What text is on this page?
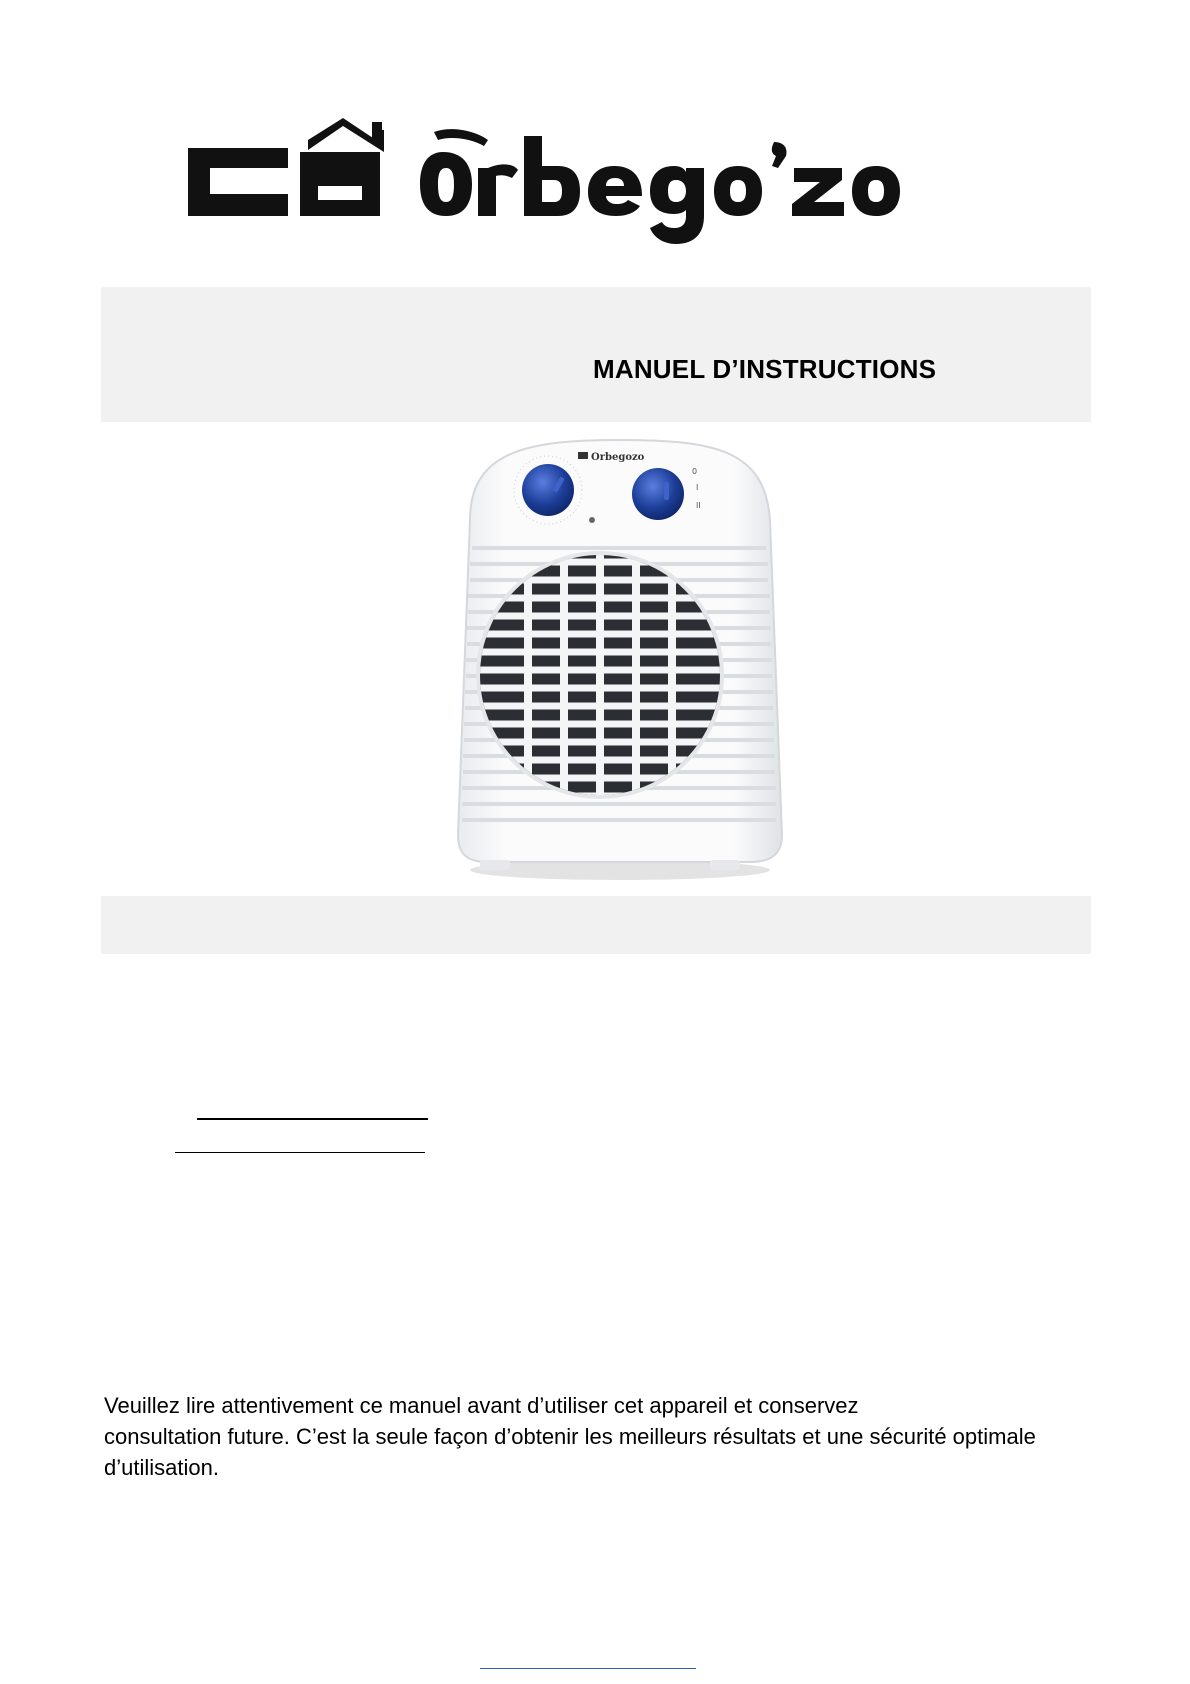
MANUEL D’INSTRUCTIONS
Orbegozo
0
I
II
Veuillez lire attentivement ce manuel avant d’utiliser cet appareil et conservez
consultation future. C’est la seule façon d’obtenir les meilleurs résultats et une sécurité optimale
d’utilisation.
